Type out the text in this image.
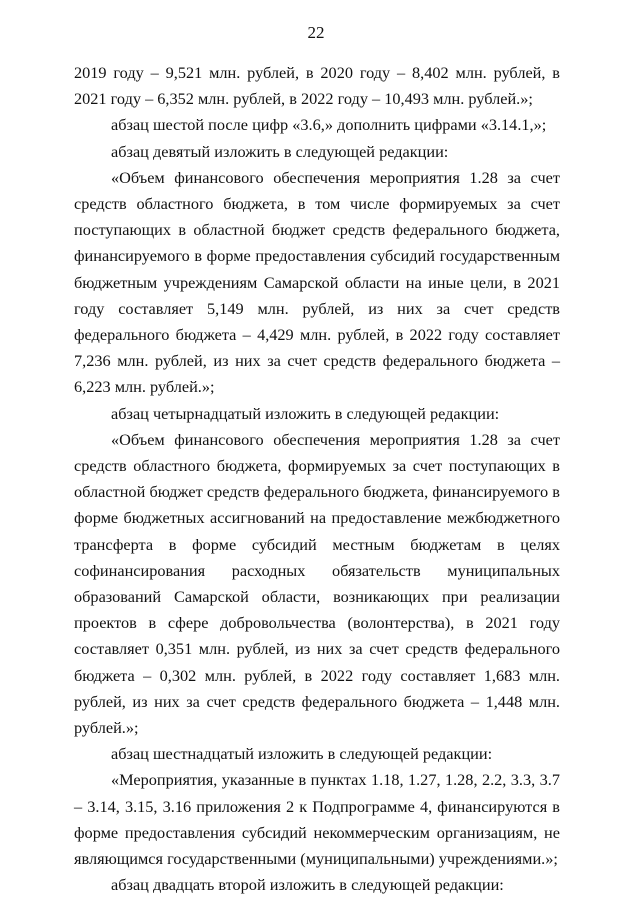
22

2019 году – 9,521 млн. рублей, в 2020 году – 8,402 млн. рублей, в 2021 году – 6,352 млн. рублей, в 2022 году – 10,493 млн. рублей.»;

абзац шестой после цифр «3.6,» дополнить цифрами «3.14.1,»;

абзац девятый изложить в следующей редакции:

«Объем финансового обеспечения мероприятия 1.28 за счет средств областного бюджета, в том числе формируемых за счет поступающих в областной бюджет средств федерального бюджета, финансируемого в форме предоставления субсидий государственным бюджетным учреждениям Самарской области на иные цели, в 2021 году составляет 5,149 млн. рублей, из них за счет средств федерального бюджета – 4,429 млн. рублей, в 2022 году составляет 7,236 млн. рублей, из них за счет средств федерального бюджета – 6,223 млн. рублей.»;

абзац четырнадцатый изложить в следующей редакции:

«Объем финансового обеспечения мероприятия 1.28 за счет средств областного бюджета, формируемых за счет поступающих в областной бюджет средств федерального бюджета, финансируемого в форме бюджетных ассигнований на предоставление межбюджетного трансферта в форме субсидий местным бюджетам в целях софинансирования расходных обязательств муниципальных образований Самарской области, возникающих при реализации проектов в сфере добровольчества (волонтерства), в 2021 году составляет 0,351 млн. рублей, из них за счет средств федерального бюджета – 0,302 млн. рублей, в 2022 году составляет 1,683 млн. рублей, из них за счет средств федерального бюджета – 1,448 млн. рублей.»;

абзац шестнадцатый изложить в следующей редакции:

«Мероприятия, указанные в пунктах 1.18, 1.27, 1.28, 2.2, 3.3, 3.7 – 3.14, 3.15, 3.16 приложения 2 к Подпрограмме 4, финансируются в форме предоставления субсидий некоммерческим организациям, не являющимся государственными (муниципальными) учреждениями.»;

абзац двадцать второй изложить в следующей редакции:
